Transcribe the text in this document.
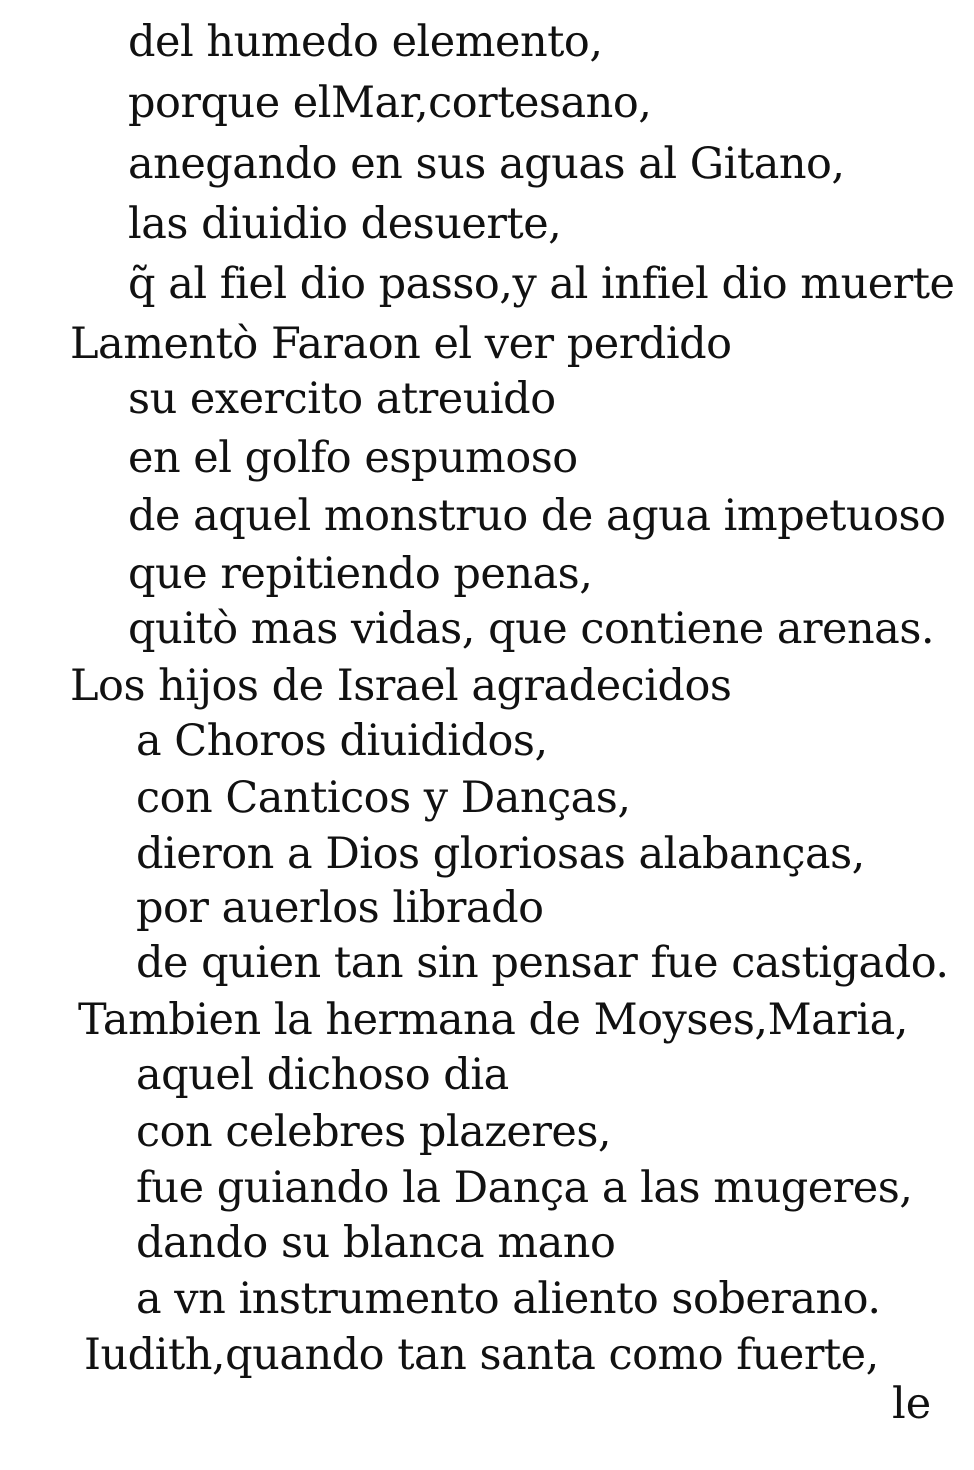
del humedo elemento,
porque elMar,cortesano,
anegando en sus aguas al Gitano,
las diuidio desuerte,
q̃ al fiel dio passo,y al infiel dio muerte
Lamentò Faraon el ver perdido
su exercito atreuido
en el golfo espumoso
de aquel monstruo de agua impetuoso
que repitiendo penas,
quitò mas vidas, que contiene arenas.
Los hijos de Israel agradecidos
a Choros diuididos,
con Canticos y Danças,
dieron a Dios gloriosas alabanças,
por auerlos librado
de quien tan sin pensar fue castigado.
Tambien la hermana de Moyses,Maria,
aquel dichoso dia
con celebres plazeres,
fue guiando la Dança a las mugeres,
dando su blanca mano
a vn instrumento aliento soberano.
Iudith,quando tan santa como fuerte,
le
